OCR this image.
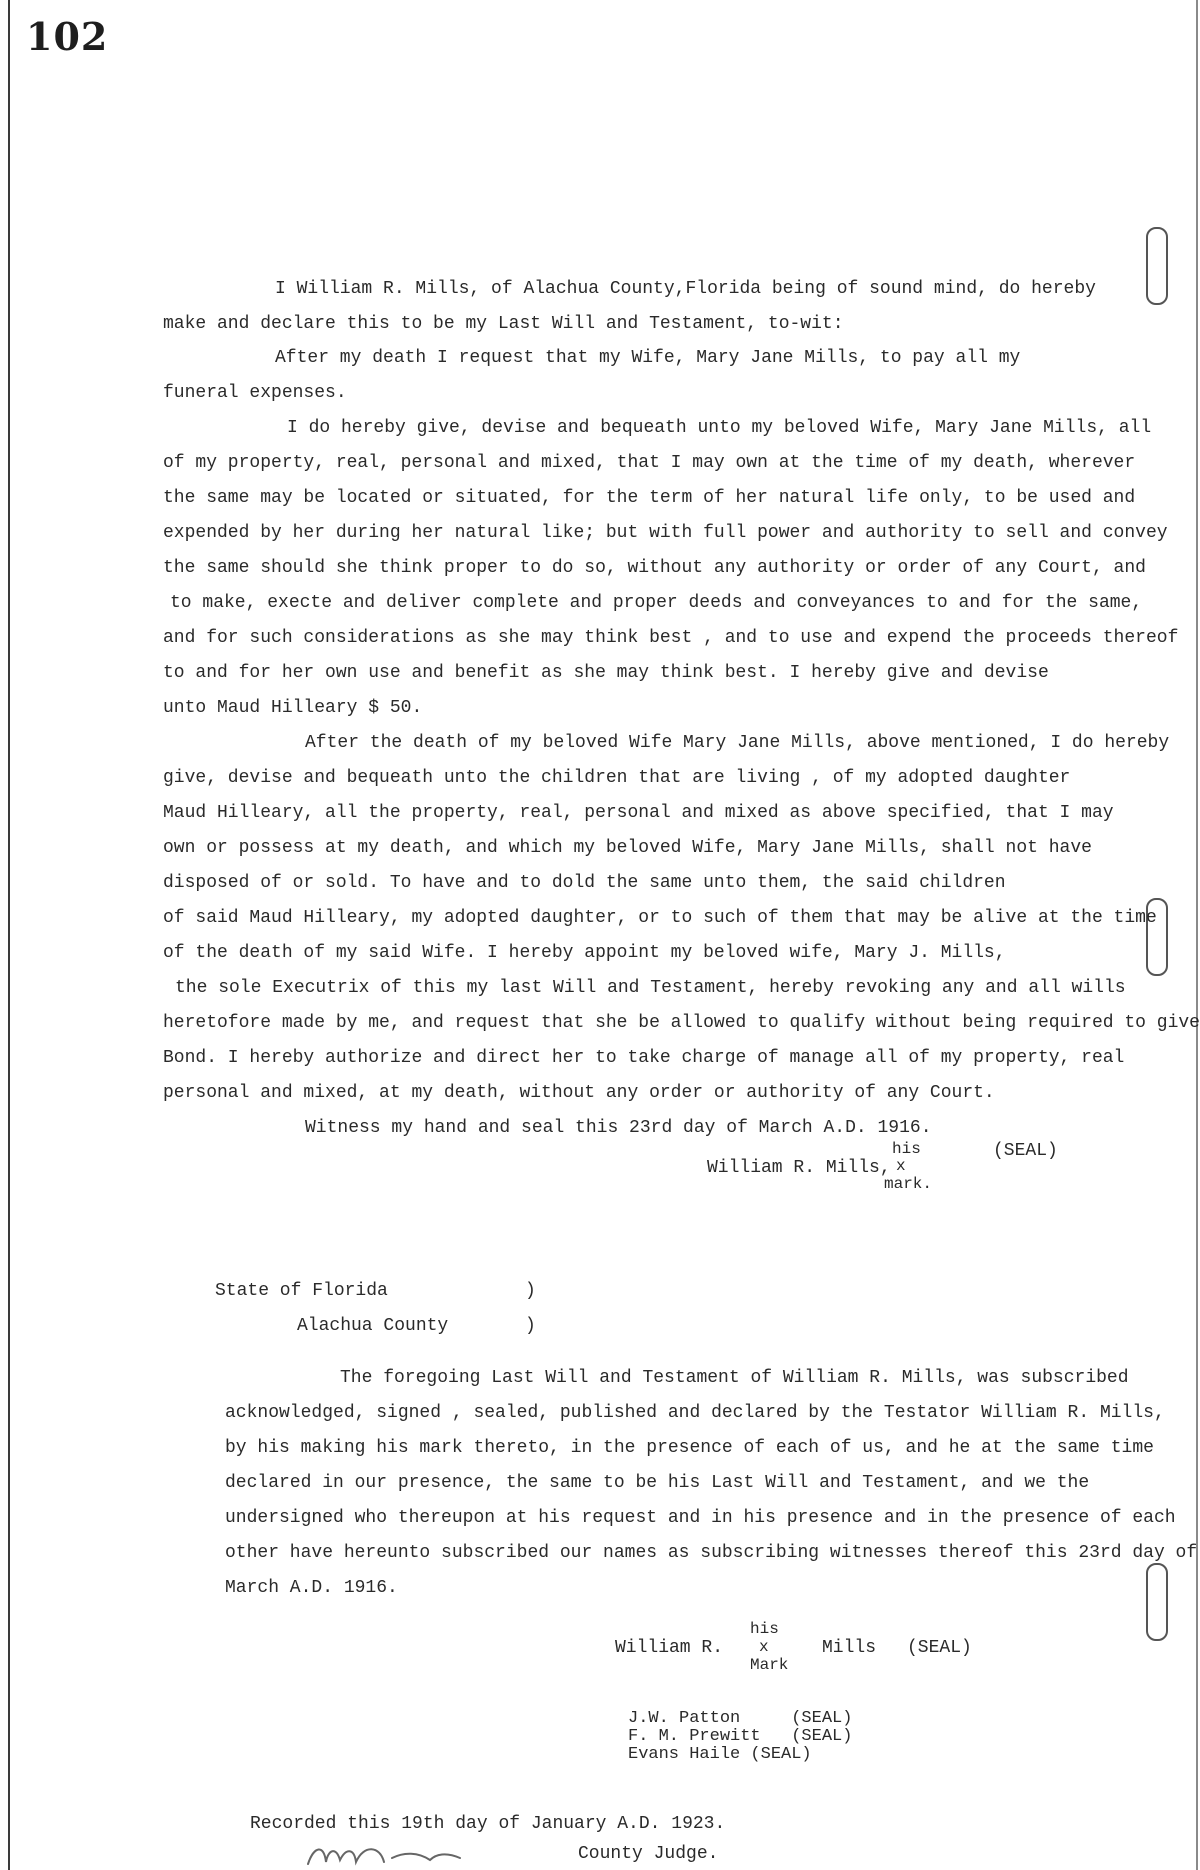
102
I William R. Mills, of Alachua County,Florida being of sound mind, do hereby
make and declare this to be my Last Will and Testament, to-wit:
After my death I request that my Wife, Mary Jane Mills, to pay all my
funeral expenses.
I do hereby give, devise and bequeath unto my beloved Wife, Mary Jane Mills, all
of my property, real, personal and mixed, that I may own at the time of my death, wherever
the same may be located or situated, for the term of her natural life only, to be used and
expended by her during her natural like; but with full power and authority to sell and convey
the same should she think proper to do so, without any authority or order of any Court, and
to make, execte and deliver complete and proper deeds and conveyances to and for the same,
and for such considerations as she may think best , and to use and expend the proceeds thereof
to and for her own use and benefit as she may think best. I hereby give and devise
unto Maud Hilleary $ 50.
After the death of my beloved Wife Mary Jane Mills, above mentioned, I do hereby
give, devise and bequeath unto the children that are living , of my adopted daughter
Maud Hilleary, all the property, real, personal and mixed as above specified, that I may
own or possess at my death, and which my beloved Wife, Mary Jane Mills, shall not have
disposed of or sold. To have and to dold the same unto them, the said children
of said Maud Hilleary, my adopted daughter, or to such of them that may be alive at the time
of the death of my said Wife. I hereby appoint my beloved wife, Mary J. Mills,
the sole Executrix of this my last Will and Testament, hereby revoking any and all wills
heretofore made by me, and request that she be allowed to qualify without being required to give
Bond. I hereby authorize and direct her to take charge of manage all of my property, real
personal and mixed, at my death, without any order or authority of any Court.
Witness my hand and seal this 23rd day of March A.D. 1916.
William R. Mills,
his
x
mark.
(SEAL)
State of Florida
Alachua County
)
)
The foregoing Last Will and Testament of William R. Mills, was subscribed
acknowledged, signed , sealed, published and declared by the Testator William R. Mills,
by his making his mark thereto, in the presence of each of us, and he at the same time
declared in our presence, the same to be his Last Will and Testament, and we the
undersigned who thereupon at his request and in his presence and in the presence of each
other have hereunto subscribed our names as subscribing witnesses thereof this 23rd day of
March A.D. 1916.
William R.
his
x
Mark
Mills (SEAL)
J.W. Patton     (SEAL)
F. M. Prewitt   (SEAL)
Evans Haile (SEAL)
Recorded this 19th day of January A.D. 1923.
County Judge.
